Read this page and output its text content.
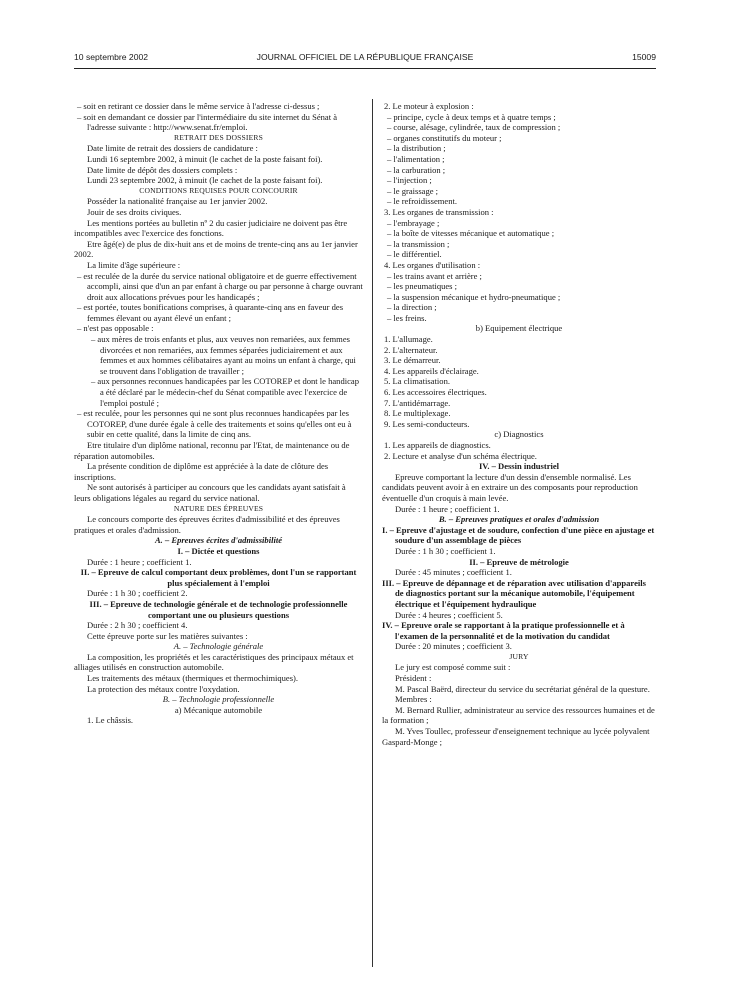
10 septembre 2002	JOURNAL OFFICIEL DE LA RÉPUBLIQUE FRANÇAISE	15009

– soit en retirant ce dossier dans le même service à l'adresse ci-dessus ;

– soit en demandant ce dossier par l'intermédiaire du site internet du Sénat à l'adresse suivante : http://www.senat.fr/emploi.

RETRAIT DES DOSSIERS

Date limite de retrait des dossiers de candidature :

Lundi 16 septembre 2002, à minuit (le cachet de la poste faisant foi).

Date limite de dépôt des dossiers complets :

Lundi 23 septembre 2002, à minuit (le cachet de la poste faisant foi).

CONDITIONS REQUISES POUR CONCOURIR

Posséder la nationalité française au 1er janvier 2002.

Jouir de ses droits civiques.

Les mentions portées au bulletin nº 2 du casier judiciaire ne doivent pas être incompatibles avec l'exercice des fonctions.

Etre âgé(e) de plus de dix-huit ans et de moins de trente-cinq ans au 1er janvier 2002.

La limite d'âge supérieure :

– est reculée de la durée du service national obligatoire et de guerre effectivement accompli, ainsi que d'un an par enfant à charge ou par personne à charge ouvrant droit aux allocations prévues pour les handicapés ;

– est portée, toutes bonifications comprises, à quarante-cinq ans en faveur des femmes élevant ou ayant élevé un enfant ;

– n'est pas opposable :

– aux mères de trois enfants et plus, aux veuves non remariées, aux femmes divorcées et non remariées, aux femmes séparées judiciairement et aux femmes et aux hommes célibataires ayant au moins un enfant à charge, qui se trouvent dans l'obligation de travailler ;

– aux personnes reconnues handicapées par les COTOREP et dont le handicap a été déclaré par le médecin-chef du Sénat compatible avec l'exercice de l'emploi postulé ;

– est reculée, pour les personnes qui ne sont plus reconnues handicapées par les COTOREP, d'une durée égale à celle des traitements et soins qu'elles ont eu à subir en cette qualité, dans la limite de cinq ans.

Etre titulaire d'un diplôme national, reconnu par l'Etat, de maintenance ou de réparation automobiles.

La présente condition de diplôme est appréciée à la date de clôture des inscriptions.

Ne sont autorisés à participer au concours que les candidats ayant satisfait à leurs obligations légales au regard du service national.

NATURE DES ÉPREUVES

Le concours comporte des épreuves écrites d'admissibilité et des épreuves pratiques et orales d'admission.

A. – Epreuves écrites d'admissibilité

I. – Dictée et questions

Durée : 1 heure ; coefficient 1.

II. – Epreuve de calcul comportant deux problèmes, dont l'un se rapportant plus spécialement à l'emploi

Durée : 1 h 30 ; coefficient 2.

III. – Epreuve de technologie générale et de technologie professionnelle comportant une ou plusieurs questions

Durée : 2 h 30 ; coefficient 4.

Cette épreuve porte sur les matières suivantes :

A. – Technologie générale

La composition, les propriétés et les caractéristiques des principaux métaux et alliages utilisés en construction automobile.

Les traitements des métaux (thermiques et thermochimiques).

La protection des métaux contre l'oxydation.

B. – Technologie professionnelle

a) Mécanique automobile

1. Le châssis.

2. Le moteur à explosion :

– principe, cycle à deux temps et à quatre temps ;

– course, alésage, cylindrée, taux de compression ;

– organes constitutifs du moteur ;

– la distribution ;

– l'alimentation ;

– la carburation ;

– l'injection ;

– le graissage ;

– le refroidissement.

3. Les organes de transmission :

– l'embrayage ;

– la boîte de vitesses mécanique et automatique ;

– la transmission ;

– le différentiel.

4. Les organes d'utilisation :

– les trains avant et arrière ;

– les pneumatiques ;

– la suspension mécanique et hydro-pneumatique ;

– la direction ;

– les freins.

b) Equipement électrique

1. L'allumage.

2. L'alternateur.

3. Le démarreur.

4. Les appareils d'éclairage.

5. La climatisation.

6. Les accessoires électriques.

7. L'antidémarrage.

8. Le multiplexage.

9. Les semi-conducteurs.

c) Diagnostics

1. Les appareils de diagnostics.

2. Lecture et analyse d'un schéma électrique.

IV. – Dessin industriel

Epreuve comportant la lecture d'un dessin d'ensemble normalisé. Les candidats peuvent avoir à en extraire un des composants pour reproduction éventuelle d'un croquis à main levée.

Durée : 1 heure ; coefficient 1.

B. – Epreuves pratiques et orales d'admission

I. – Epreuve d'ajustage et de soudure, confection d'une pièce en ajustage et soudure d'un assemblage de pièces

Durée : 1 h 30 ; coefficient 1.

II. – Epreuve de métrologie

Durée : 45 minutes ; coefficient 1.

III. – Epreuve de dépannage et de réparation avec utilisation d'appareils de diagnostics portant sur la mécanique automobile, l'équipement électrique et l'équipement hydraulique

Durée : 4 heures ; coefficient 5.

IV. – Epreuve orale se rapportant à la pratique professionnelle et à l'examen de la personnalité et de la motivation du candidat

Durée : 20 minutes ; coefficient 3.

JURY

Le jury est composé comme suit :

Président :

M. Pascal Baërd, directeur du service du secrétariat général de la questure.

Membres :

M. Bernard Rullier, administrateur au service des ressources humaines et de la formation ;

M. Yves Toullec, professeur d'enseignement technique au lycée polyvalent Gaspard-Monge ;
